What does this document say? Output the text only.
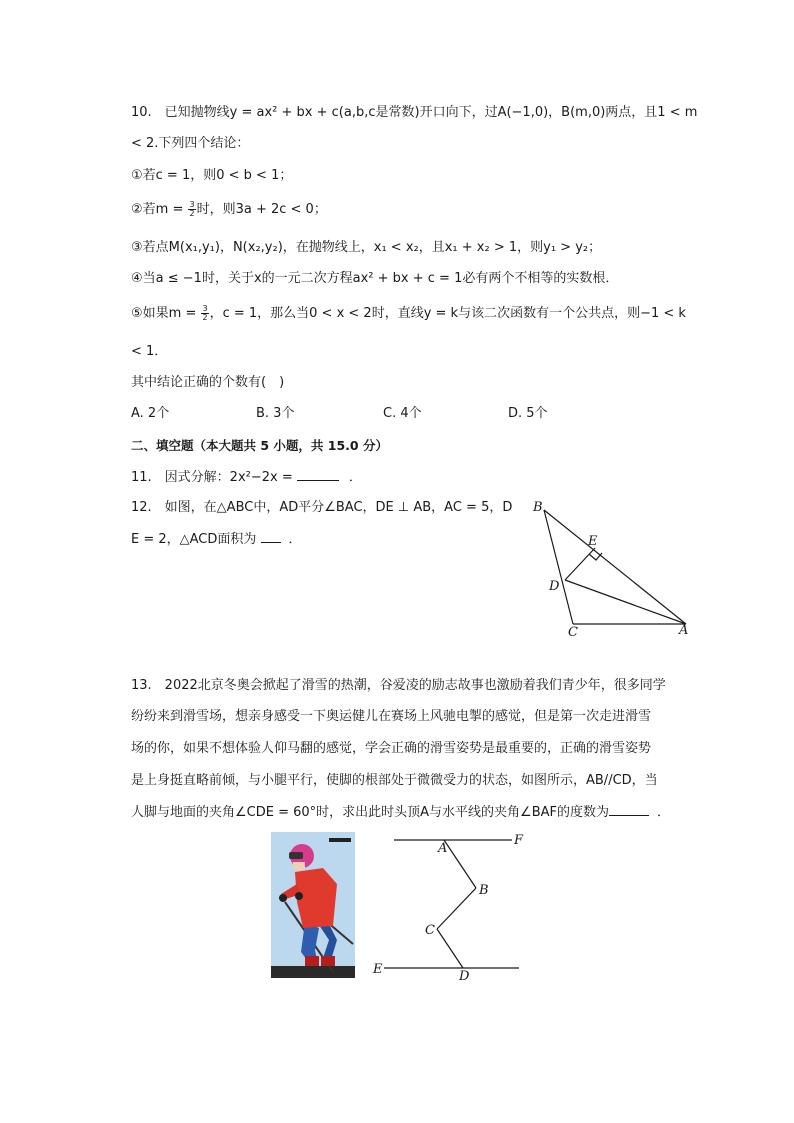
10. 已知抛物线y = ax² + bx + c(a,b,c是常数)开口向下，过A(−1,0)，B(m,0)两点，且1 < m
< 2.下列四个结论：
①若c = 1，则0 < b < 1；
②若$m = \frac{3}{2}$ 时，则3a + 2c < 0；
③若点M(x₁,y₁)，N(x₂,y₂)，在抛物线上，x₁ < x₂，且x₁ + x₂ > 1，则y₁ > y₂；
④当a ≤ −1时，关于x的一元二次方程ax² + bx + c = 1必有两个不相等的实数根．
⑤如果$m = \frac{3}{2}$ ，c = 1，那么当0 < x < 2时，直线y = k与该二次函数有一个公共点，则−1 < k
< 1．
其中结论正确的个数有( )
A. 2个	B. 3个	C. 4个	D. 5个
二、填空题（本大题共 5 小题，共 15.0 分）
11. 因式分解：2x²−2x =	．
12. 如图，在△ABC中，AD平分∠BAC，DE ⊥ AB，AC = 5，D
E = 2，△ACD面积为 ．
B
E
D
C	A
13. 2022北京冬奥会掀起了滑雪的热潮，谷爱凌的励志故事也激励着我们青少年，很多同学
纷纷来到滑雪场，想亲身感受一下奥运健儿在赛场上风驰电掣的感觉，但是第一次走进滑雪
场的你，如果不想体验人仰马翻的感觉，学会正确的滑雪姿势是最重要的，正确的滑雪姿势
是上身挺直略前倾，与小腿平行，使脚的根部处于微微受力的状态，如图所示，AB//CD，当
人脚与地面的夹角∠CDE = 60°时，求出此时头顶A与水平线的夹角∠BAF的度数为	．
A
F
B
C
E	D
